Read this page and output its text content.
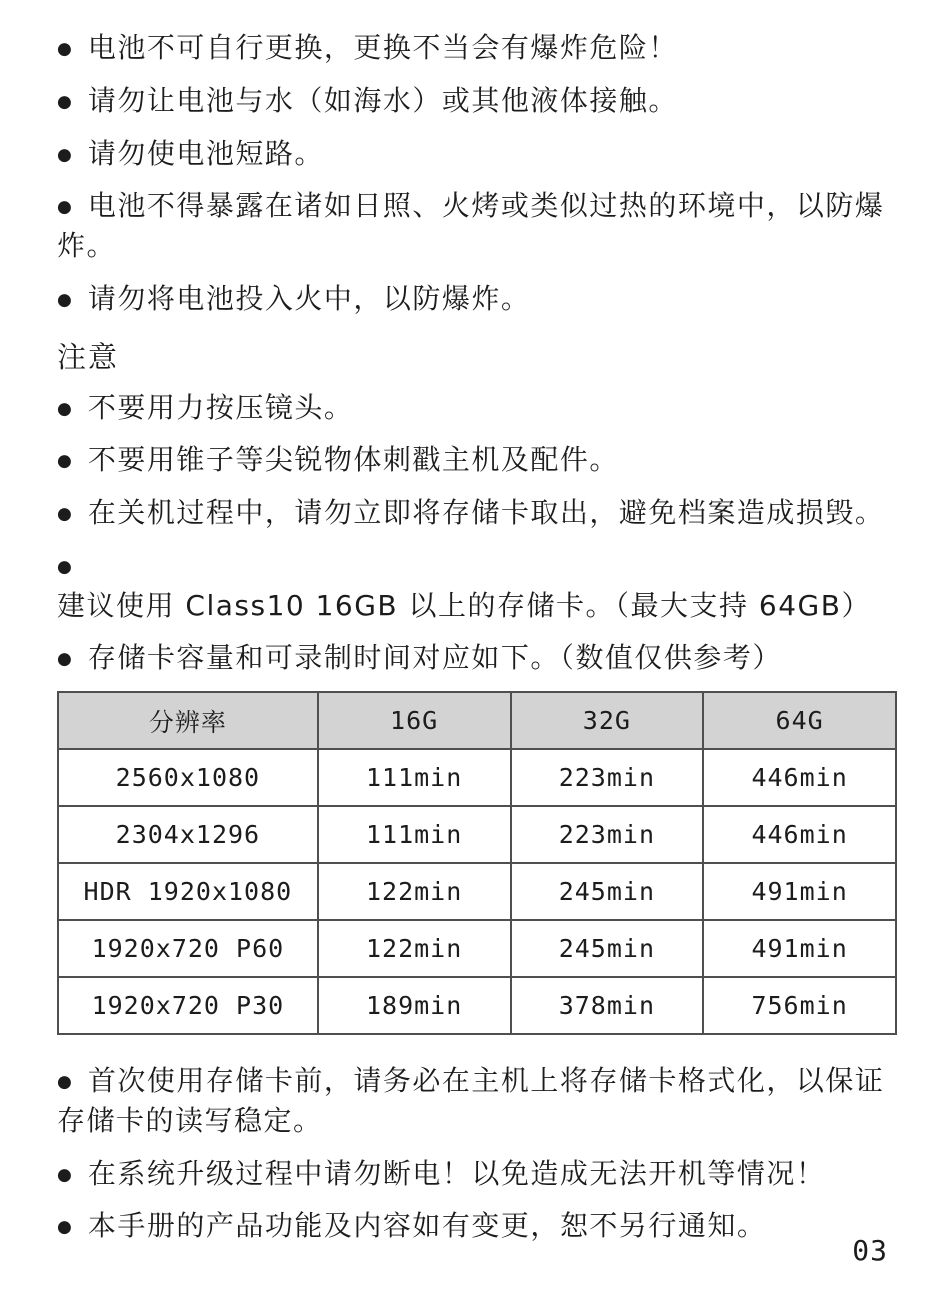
● 电池不可自行更换，更换不当会有爆炸危险！

● 请勿让电池与水（如海水）或其他液体接触。

● 请勿使电池短路。

● 电池不得暴露在诸如日照、火烤或类似过热的环境中，以防爆炸。

● 请勿将电池投入火中，以防爆炸。

注意

● 不要用力按压镜头。

● 不要用锥子等尖锐物体刺戳主机及配件。

● 在关机过程中，请勿立即将存储卡取出，避免档案造成损毁。

● 建议使用 Class10 16GB 以上的存储卡。（最大支持 64GB）

● 存储卡容量和可录制时间对应如下。（数值仅供参考）

分辨率	16G	32G	64G
2560x1080	111min	223min	446min
2304x1296	111min	223min	446min
HDR 1920x1080	122min	245min	491min
1920x720 P60	122min	245min	491min
1920x720 P30	189min	378min	756min

● 首次使用存储卡前，请务必在主机上将存储卡格式化，以保证存储卡的读写稳定。

● 在系统升级过程中请勿断电！以免造成无法开机等情况！

● 本手册的产品功能及内容如有变更，恕不另行通知。

03
